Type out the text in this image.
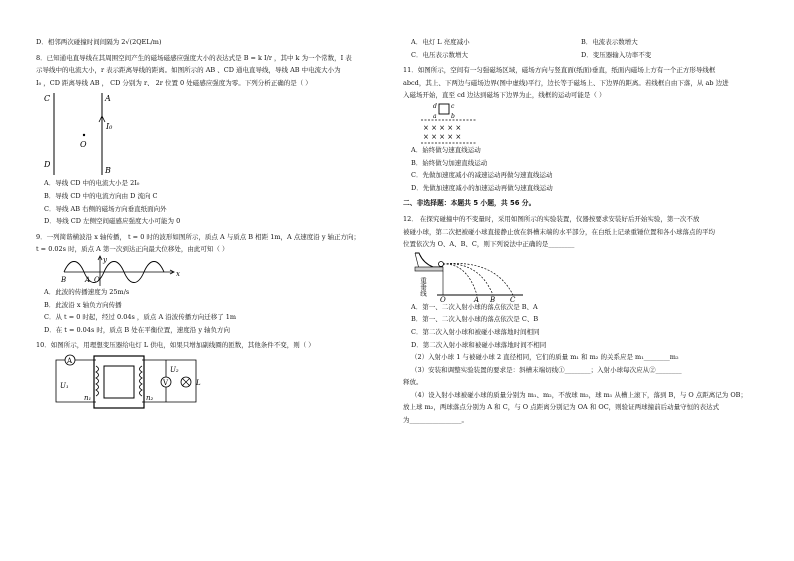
D．相邻两次碰撞时间间隔为 2√(2QEL/m)

8．已知通电直导线在其周围空间产生的磁场磁感应强度大小的表达式是 B = k I/r ，其中 k 为一个常数，I 表

示导线中的电流大小，r 表示距离导线的距离。如图所示的 AB 、CD 通电直导线，导线 AB 中电流大小为

I₀ ，CD 距离导线 AB ， CD 分别为 r、 2r 位置 0 处磁感应强度为零。下列分析正确的是（ ）

C	A
I₀
O
D
B

A．导线 CD 中的电流大小是 2I₀

B．导线 CD 中的电流方向由 D 流向 C

C．导线 AB 右侧的磁场方向垂直纸面向外

D．导线 CD 左侧空间磁感应强度大小可能为 0

9．一列简谐横波沿 x 轴传播， t = 0 时的波形如图所示，质点 A 与质点 B 相距 1m，A 点速度沿 y 轴正方向；

t = 0.02s 时，质点 A 第一次到达正向最大位移处，由此可知（ ）

y
x
B	A O

A．此波的传播速度为 25m/s

B．此波沿 x 轴负方向传播

C．从 t = 0 时起，经过 0.04s ，质点 A 沿波传播方向迁移了 1m

D．在 t = 0.04s 时，质点 B 处在平衡位置，速度沿 y 轴负方向

10．如图所示，用理想变压器给电灯 L 供电，如果只增加副线圈的匝数，其他条件不变，则（ ）

A
U₁
n₁	n₂
V
U₂
L
A．电灯 L 亮度减小	B．电流表示数增大
C．电压表示数增大	D．变压器输入功率不变

11．如图所示，空间有一匀强磁场区域，磁场方向与竖直面(纸面)垂直，纸面内磁场上方有一个正方形导线框

abcd，其上、下两边与磁场边界(图中虚线)平行，边长等于磁场上、下边界的距离。若线框自由下落，从 ab 边进

入磁场开始，直至 cd 边达到磁场下边界为止，线框的运动可能是（ ）

d c
a b
× × × × ×
× × × × ×

A．始终做匀速直线运动

B．始终做匀加速直线运动

C．先做加速度减小的减速运动再做匀速直线运动

D．先做加速度减小的加速运动再做匀速直线运动

二、非选择题：本题共 5 小题，共 56 分。

12． 在探究碰撞中的不变量时，采用如图所示的实验装置，仪器按要求安装好后开始实验，第一次不放

被碰小球，第二次把被碰小球直接静止放在斜槽末端的水平部分，在白纸上记录重锤位置和各小球落点的平均

位置依次为 O、A、B、C，则下列说法中正确的是________

重垂线
O	A B C

A．第一、二次入射小球的落点依次是 B、A

B．第一、二次入射小球的落点依次是 C、B

C．第二次入射小球和被碰小球落地时间相同

D．第二次入射小球和被碰小球落地时间不相同

（2）入射小球 1 与被碰小球 2 直径相同，它们的质量 m₁ 和 m₂ 的关系应是 m₁________m₂

（3）安装和调整实验装置的要求是：斜槽末端切线①________；入射小球每次应从②________

释放。

（4）设入射小球被碰小球的质量分别为 m₁、m₂，不放球 m₂，球 m₁ 从槽上滚下，落到 B，与 O 点距离记为 OB；

放上球 m₂，两球落点分别为 A 和 C，与 O 点距离分别记为 OA 和 OC，则验证两球撞前后动量守恒的表达式

为________________。
